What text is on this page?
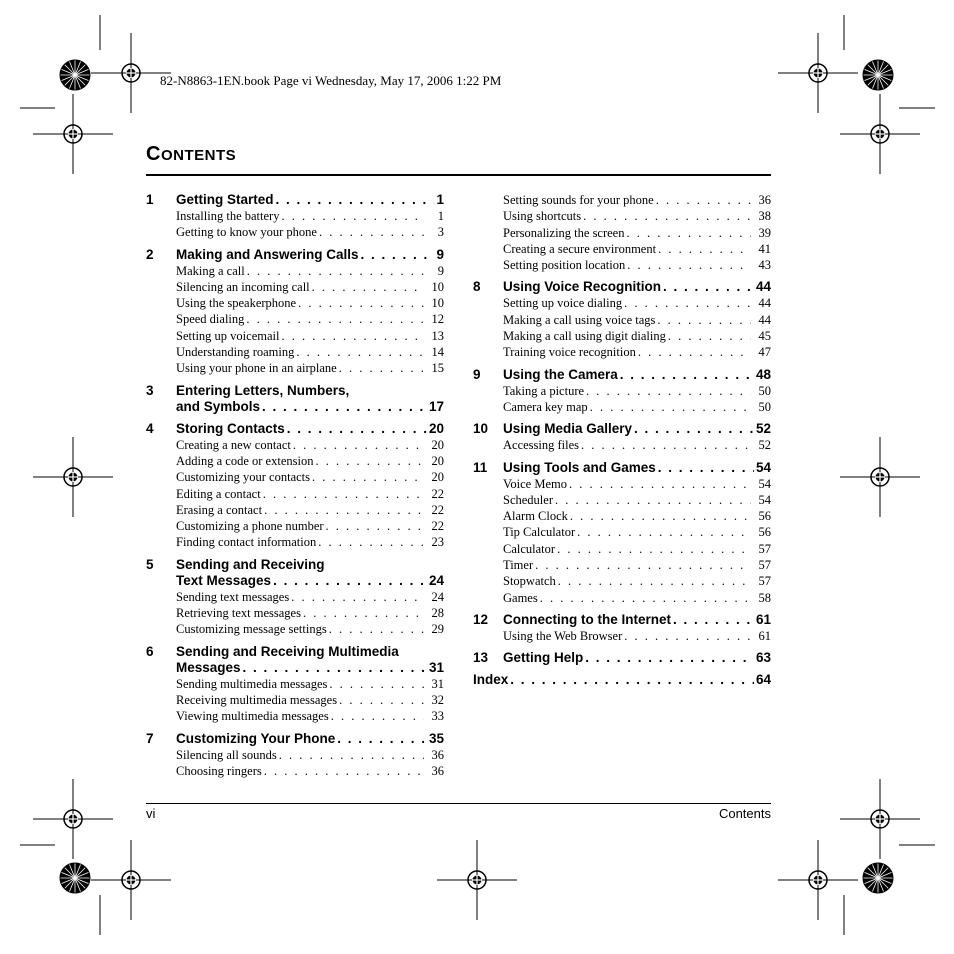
82-N8863-1EN.book Page vi Wednesday, May 17, 2006 1:22 PM
CONTENTS
1	Getting Started . . .	1
Installing the battery . . .	1
Getting to know your phone . . .	3
2	Making and Answering Calls . . .	9
Making a call . . .	9
Silencing an incoming call . . .	10
Using the speakerphone . . .	10
Speed dialing . . .	12
Setting up voicemail . . .	13
Understanding roaming . . .	14
Using your phone in an airplane . . .	15
3	Entering Letters, Numbers,
and Symbols . . .	17
4	Storing Contacts . . .	20
Creating a new contact . . .	20
Adding a code or extension . . .	20
Customizing your contacts . . .	20
Editing a contact . . .	22
Erasing a contact . . .	22
Customizing a phone number . . .	22
Finding contact information . . .	23
5	Sending and Receiving
Text Messages . . .	24
Sending text messages . . .	24
Retrieving text messages . . .	28
Customizing message settings . . .	29
6	Sending and Receiving Multimedia
Messages . . .	31
Sending multimedia messages . . .	31
Receiving multimedia messages . . .	32
Viewing multimedia messages . . .	33
7	Customizing Your Phone . . .	35
Silencing all sounds . . .	36
Choosing ringers . . .	36
Setting sounds for your phone . . .	36
Using shortcuts . . .	38
Personalizing the screen . . .	39
Creating a secure environment . . .	41
Setting position location . . .	43
8	Using Voice Recognition . . .	44
Setting up voice dialing . . .	44
Making a call using voice tags . . .	44
Making a call using digit dialing . . .	45
Training voice recognition . . .	47
9	Using the Camera . . .	48
Taking a picture . . .	50
Camera key map . . .	50
10	Using Media Gallery . . .	52
Accessing files . . .	52
11	Using Tools and Games . . .	54
Voice Memo . . .	54
Scheduler . . .	54
Alarm Clock . . .	56
Tip Calculator . . .	56
Calculator . . .	57
Timer . . .	57
Stopwatch . . .	57
Games . . .	58
12	Connecting to the Internet . . .	61
Using the Web Browser . . .	61
13	Getting Help . . .	63
Index . . .	64
vi	Contents
